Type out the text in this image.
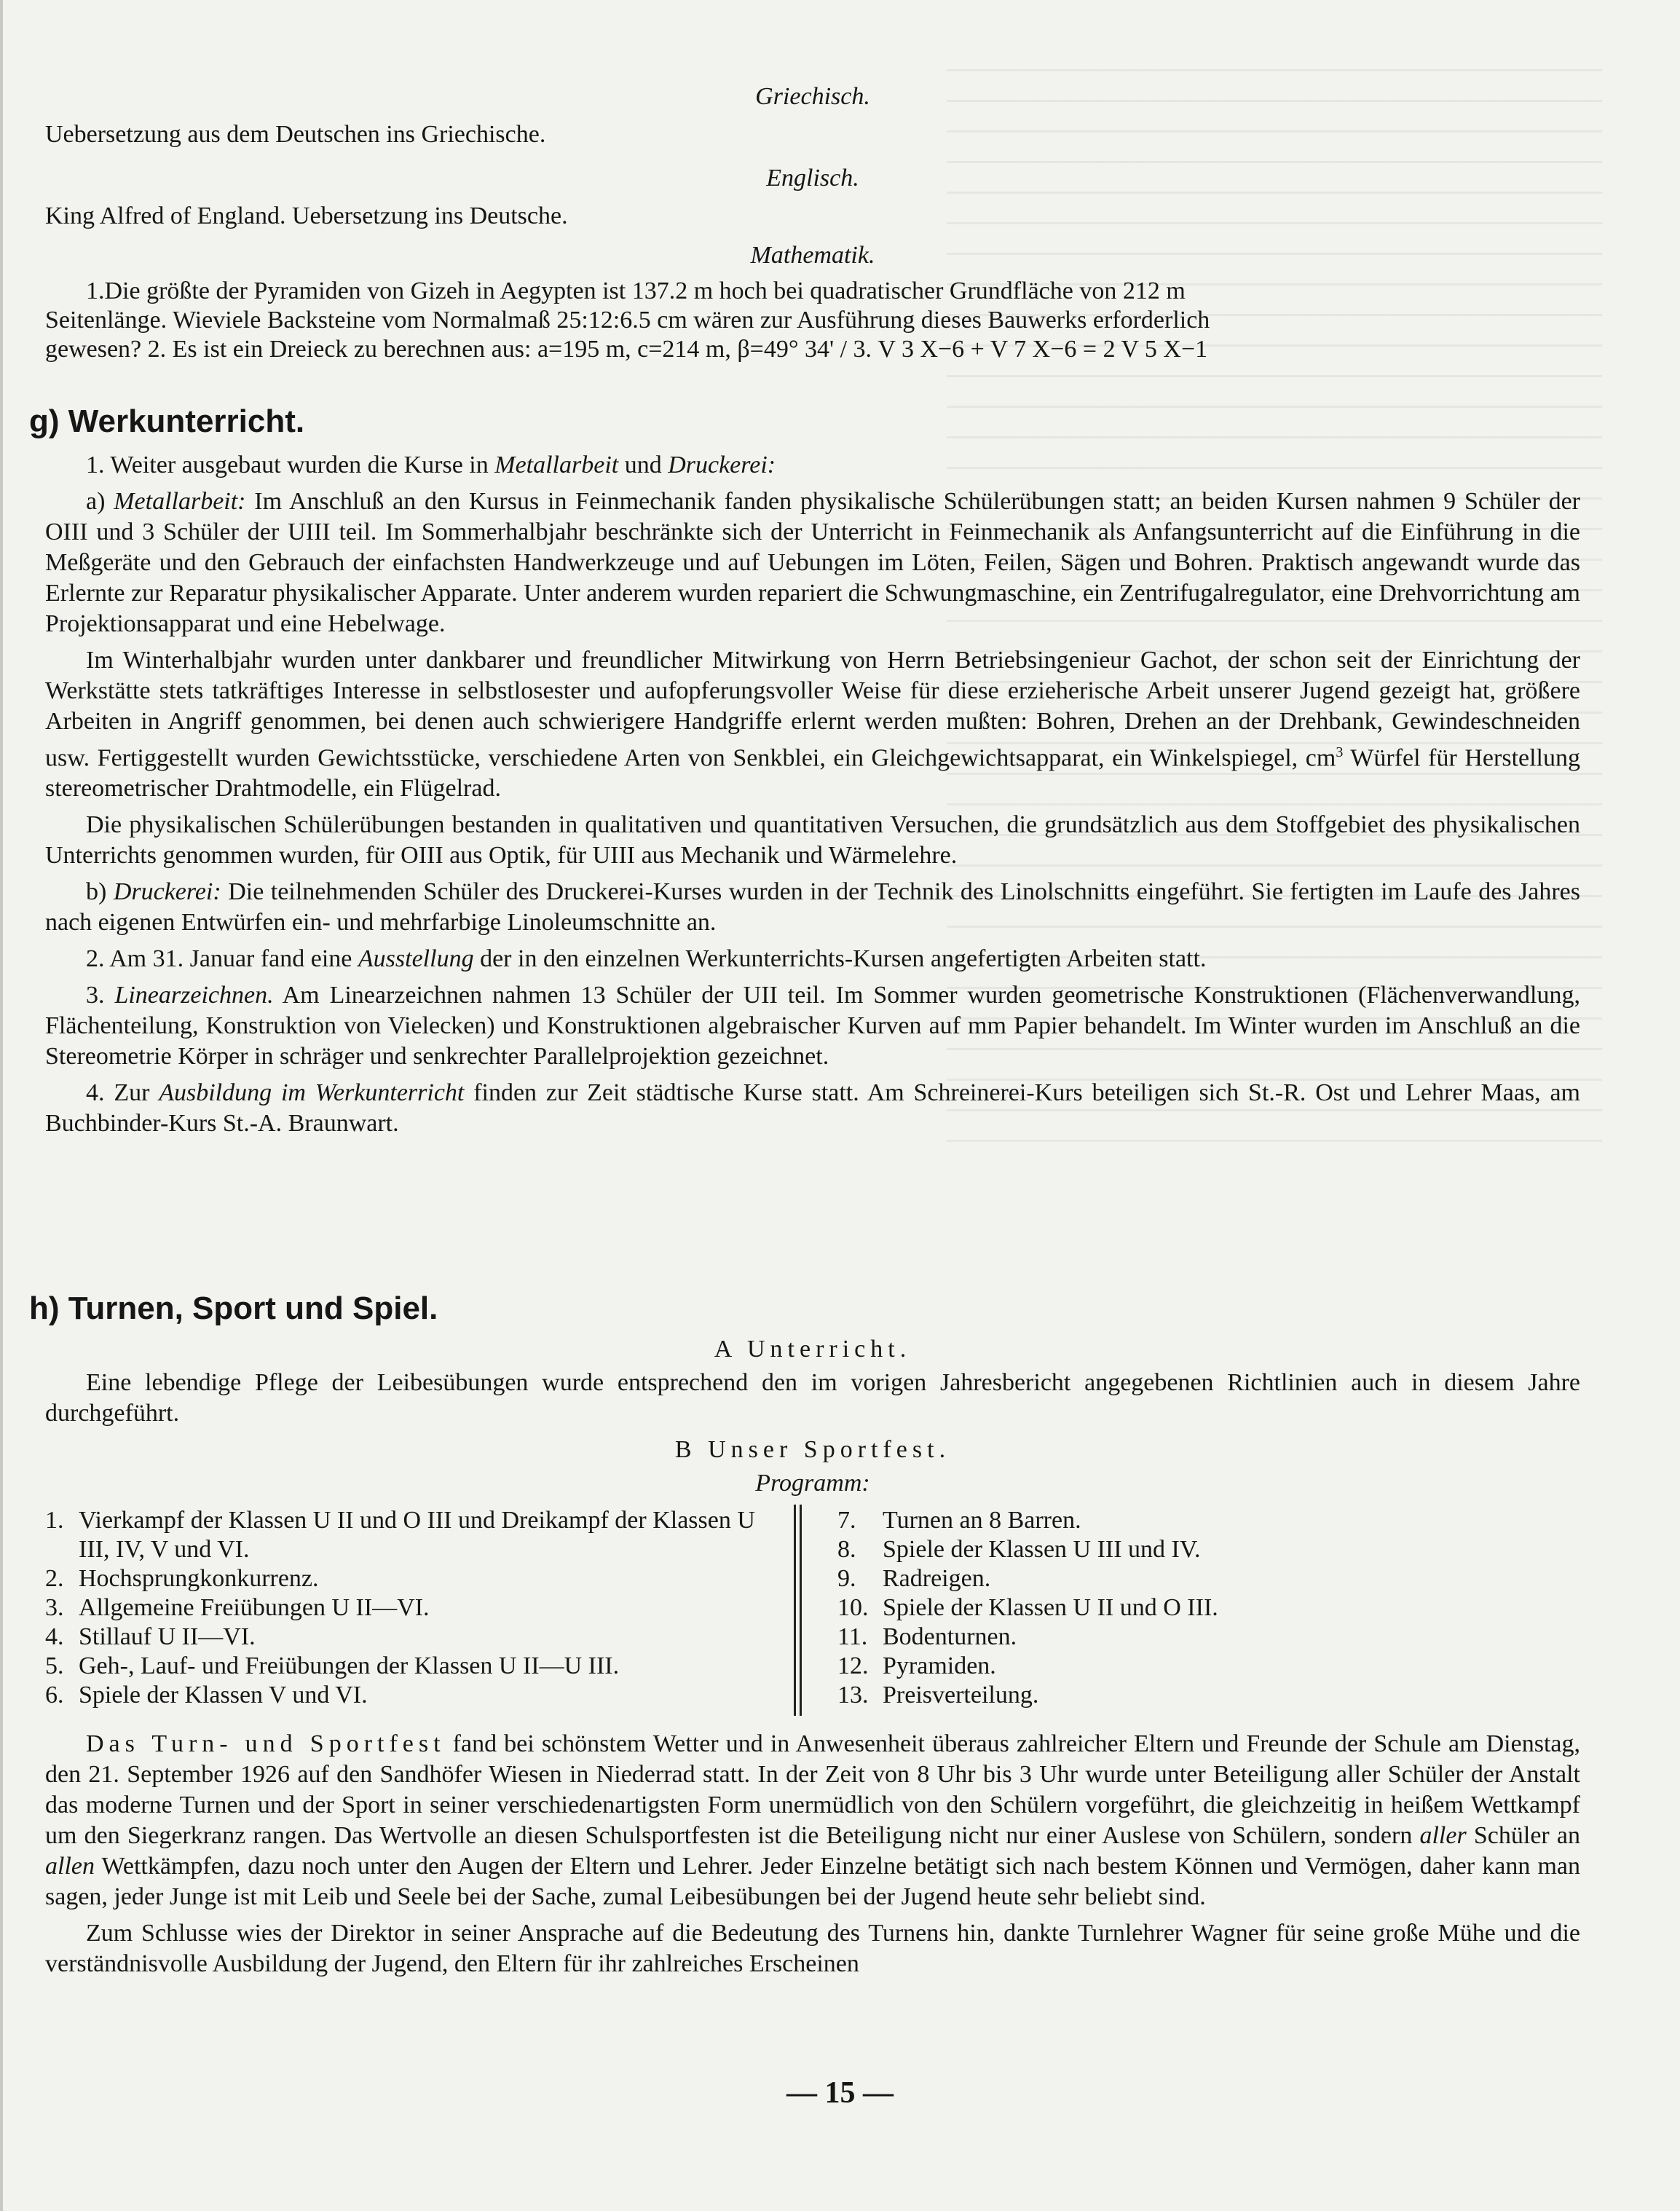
Griechisch.
Uebersetzung aus dem Deutschen ins Griechische.
Englisch.
King Alfred of England. Uebersetzung ins Deutsche.
Mathematik.
1.Die größte der Pyramiden von Gizeh in Aegypten ist 137.2 m hoch bei quadratischer Grundfläche von 212 m
Seitenlänge. Wieviele Backsteine vom Normalmaß 25:12:6.5 cm wären zur Ausführung dieses Bauwerks erforderlich
gewesen? 2. Es ist ein Dreieck zu berechnen aus: a=195 m, c=214 m, β=49° 34' / 3. V 3 X−6 + V 7 X−6 = 2 V 5 X−1
g) Werkunterricht.

1. Weiter ausgebaut wurden die Kurse in Metallarbeit und Druckerei:

a) Metallarbeit: Im Anschluß an den Kursus in Feinmechanik fanden physikalische Schülerübungen statt; an beiden Kursen nahmen 9 Schüler der OIII und 3 Schüler der UIII teil. Im Sommerhalbjahr beschränkte sich der Unterricht in Feinmechanik als Anfangsunterricht auf die Einführung in die Meßgeräte und den Gebrauch der einfachsten Handwerkzeuge und auf Uebungen im Löten, Feilen, Sägen und Bohren. Praktisch angewandt wurde das Erlernte zur Reparatur physikalischer Apparate. Unter anderem wurden repariert die Schwungmaschine, ein Zentrifugalregulator, eine Drehvorrichtung am Projektionsapparat und eine Hebelwage.

Im Winterhalbjahr wurden unter dankbarer und freundlicher Mitwirkung von Herrn Betriebsingenieur Gachot, der schon seit der Einrichtung der Werkstätte stets tatkräftiges Interesse in selbstlosester und aufopferungsvoller Weise für diese erzieherische Arbeit unserer Jugend gezeigt hat, größere Arbeiten in Angriff genommen, bei denen auch schwierigere Handgriffe erlernt werden mußten: Bohren, Drehen an der Drehbank, Gewindeschneiden usw. Fertiggestellt wurden Gewichtsstücke, verschiedene Arten von Senkblei, ein Gleichgewichtsapparat, ein Winkelspiegel, $cm^3$ Würfel für Herstellung stereometrischer Drahtmodelle, ein Flügelrad.

Die physikalischen Schülerübungen bestanden in qualitativen und quantitativen Versuchen, die grundsätzlich aus dem Stoffgebiet des physikalischen Unterrichts genommen wurden, für OIII aus Optik, für UIII aus Mechanik und Wärmelehre.

b) Druckerei: Die teilnehmenden Schüler des Druckerei-Kurses wurden in der Technik des Linolschnitts eingeführt. Sie fertigten im Laufe des Jahres nach eigenen Entwürfen ein- und mehrfarbige Linoleumschnitte an.

2. Am 31. Januar fand eine Ausstellung der in den einzelnen Werkunterrichts-Kursen angefertigten Arbeiten statt.

3. Linearzeichnen. Am Linearzeichnen nahmen 13 Schüler der UII teil. Im Sommer wurden geometrische Konstruktionen (Flächenverwandlung, Flächenteilung, Konstruktion von Vielecken) und Konstruktionen algebraischer Kurven auf mm Papier behandelt. Im Winter wurden im Anschluß an die Stereometrie Körper in schräger und senkrechter Parallelprojektion gezeichnet.

4. Zur Ausbildung im Werkunterricht finden zur Zeit städtische Kurse statt. Am Schreinerei-Kurs beteiligen sich St.-R. Ost und Lehrer Maas, am Buchbinder-Kurs St.-A. Braunwart.

h) Turnen, Sport und Spiel.
A Unterricht.

Eine lebendige Pflege der Leibesübungen wurde entsprechend den im vorigen Jahresbericht angegebenen Richtlinien auch in diesem Jahre durchgeführt.

B Unser Sportfest.
Programm:
1. Vierkampf der Klassen U II und O III und Dreikampf der Klassen U III, IV, V und VI.
2. Hochsprungkonkurrenz.
3. Allgemeine Freiübungen U II—VI.
4. Stillauf U II—VI.
5. Geh-, Lauf- und Freiübungen der Klassen U II—U III.
6. Spiele der Klassen V und VI.
7. Turnen an 8 Barren.
8. Spiele der Klassen U III und IV.
9. Radreigen.
10. Spiele der Klassen U II und O III.
11. Bodenturnen.
12. Pyramiden.
13. Preisverteilung.

Das Turn- und Sportfest fand bei schönstem Wetter und in Anwesenheit überaus zahlreicher Eltern und Freunde der Schule am Dienstag, den 21. September 1926 auf den Sandhöfer Wiesen in Niederrad statt. In der Zeit von 8 Uhr bis 3 Uhr wurde unter Beteiligung aller Schüler der Anstalt das moderne Turnen und der Sport in seiner verschiedenartigsten Form unermüdlich von den Schülern vorgeführt, die gleichzeitig in heißem Wettkampf um den Siegerkranz rangen. Das Wertvolle an diesen Schulsportfesten ist die Beteiligung nicht nur einer Auslese von Schülern, sondern aller Schüler an allen Wettkämpfen, dazu noch unter den Augen der Eltern und Lehrer. Jeder Einzelne betätigt sich nach bestem Können und Vermögen, daher kann man sagen, jeder Junge ist mit Leib und Seele bei der Sache, zumal Leibesübungen bei der Jugend heute sehr beliebt sind.

Zum Schlusse wies der Direktor in seiner Ansprache auf die Bedeutung des Turnens hin, dankte Turnlehrer Wagner für seine große Mühe und die verständnisvolle Ausbildung der Jugend, den Eltern für ihr zahlreiches Erscheinen

— 15 —
